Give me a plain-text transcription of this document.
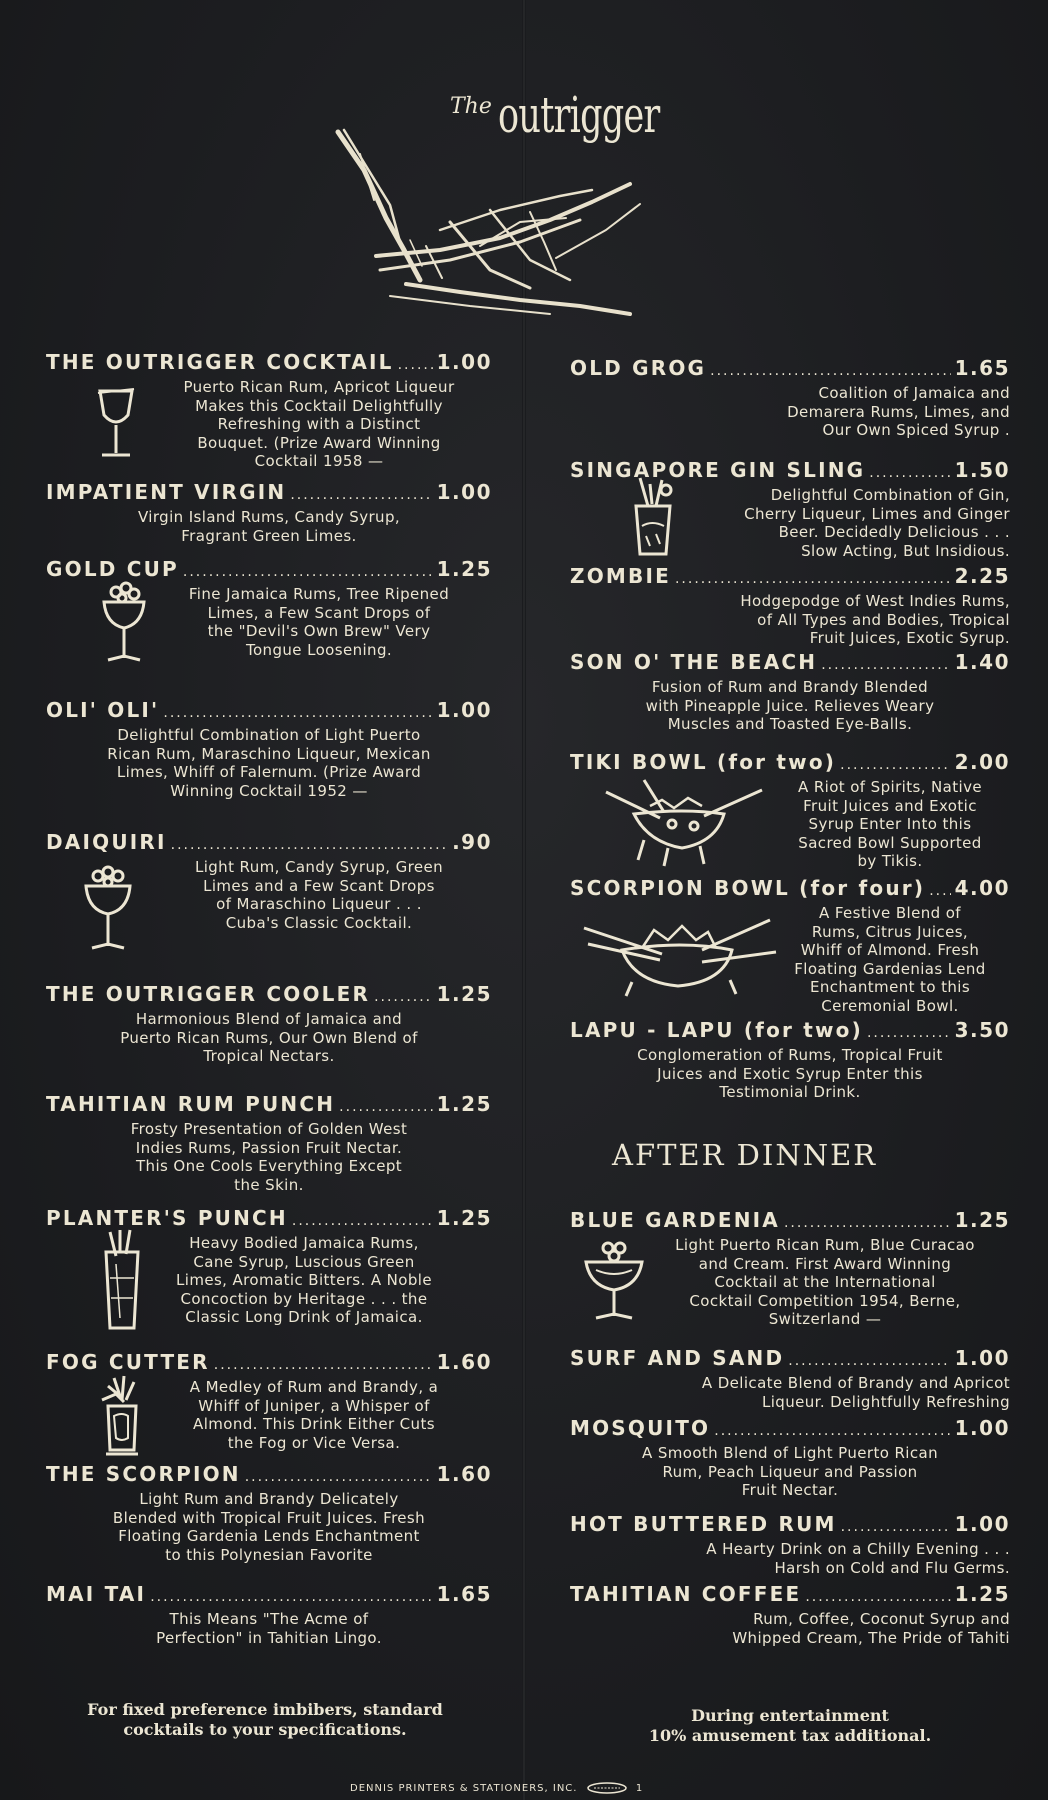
The outrigger
THE OUTRIGGER COCKTAIL ..... 1.00
Puerto Rican Rum, Apricot Liqueur
Makes this Cocktail Delightfully
Refreshing with a Distinct
Bouquet. (Prize Award Winning
Cocktail 1958 —
IMPATIENT VIRGIN .....	1.00
Virgin Island Rums, Candy Syrup,
Fragrant Green Limes.
GOLD CUP .....	1.25
Fine Jamaica Rums, Tree Ripened
Limes, a Few Scant Drops of
the "Devil's Own Brew" Very
Tongue Loosening.
OLI' OLI' .....	1.00
Delightful Combination of Light Puerto
Rican Rum, Maraschino Liqueur, Mexican
Limes, Whiff of Falernum. (Prize Award
Winning Cocktail 1952 —
DAIQUIRI .....	.90
Light Rum, Candy Syrup, Green
Limes and a Few Scant Drops
of Maraschino Liqueur . . .
Cuba's Classic Cocktail.
THE OUTRIGGER COOLER .....	1.25
Harmonious Blend of Jamaica and
Puerto Rican Rums, Our Own Blend of
Tropical Nectars.
TAHITIAN RUM PUNCH .....	1.25
Frosty Presentation of Golden West
Indies Rums, Passion Fruit Nectar.
This One Cools Everything Except
the Skin.
PLANTER'S PUNCH .....	1.25
Heavy Bodied Jamaica Rums,
Cane Syrup, Luscious Green
Limes, Aromatic Bitters. A Noble
Concoction by Heritage . . . the
Classic Long Drink of Jamaica.
FOG CUTTER .....	1.60
A Medley of Rum and Brandy, a
Whiff of Juniper, a Whisper of
Almond. This Drink Either Cuts
the Fog or Vice Versa.
THE SCORPION .....	1.60
Light Rum and Brandy Delicately
Blended with Tropical Fruit Juices. Fresh
Floating Gardenia Lends Enchantment
to this Polynesian Favorite
MAI TAI .....	1.65
This Means "The Acme of
Perfection" in Tahitian Lingo.
OLD GROG .....	1.65
Coalition of Jamaica and
Demarera Rums, Limes, and
Our Own Spiced Syrup .
SINGAPORE GIN SLING .....	1.50
Delightful Combination of Gin,
Cherry Liqueur, Limes and Ginger
Beer. Decidedly Delicious . . .
Slow Acting, But Insidious.
ZOMBIE .....	2.25
Hodgepodge of West Indies Rums,
of All Types and Bodies, Tropical
Fruit Juices, Exotic Syrup.
SON O' THE BEACH .....	1.40
Fusion of Rum and Brandy Blended
with Pineapple Juice. Relieves Weary
Muscles and Toasted Eye-Balls.
TIKI BOWL (for two) .....	2.00
A Riot of Spirits, Native
Fruit Juices and Exotic
Syrup Enter Into this
Sacred Bowl Supported
by Tikis.
SCORPION BOWL (for four) ..... 4.00
A Festive Blend of
Rums, Citrus Juices,
Whiff of Almond. Fresh
Floating Gardenias Lend
Enchantment to this
Ceremonial Bowl.
LAPU - LAPU (for two) .....	3.50
Conglomeration of Rums, Tropical Fruit
Juices and Exotic Syrup Enter this
Testimonial Drink.
AFTER DINNER
BLUE GARDENIA .....	1.25
Light Puerto Rican Rum, Blue Curacao
and Cream. First Award Winning
Cocktail at the International
Cocktail Competition 1954, Berne,
Switzerland —
SURF AND SAND .....	1.00
A Delicate Blend of Brandy and Apricot
Liqueur. Delightfully Refreshing
MOSQUITO .....	1.00
A Smooth Blend of Light Puerto Rican
Rum, Peach Liqueur and Passion
Fruit Nectar.
HOT BUTTERED RUM .....	1.00
A Hearty Drink on a Chilly Evening . . .
Harsh on Cold and Flu Germs.
TAHITIAN COFFEE .....	1.25
Rum, Coffee, Coconut Syrup and
Whipped Cream, The Pride of Tahiti
For fixed preference imbibers, standard
cocktails to your specifications.
During entertainment
10% amusement tax additional.
DENNIS PRINTERS & STATIONERS, INC.	1
